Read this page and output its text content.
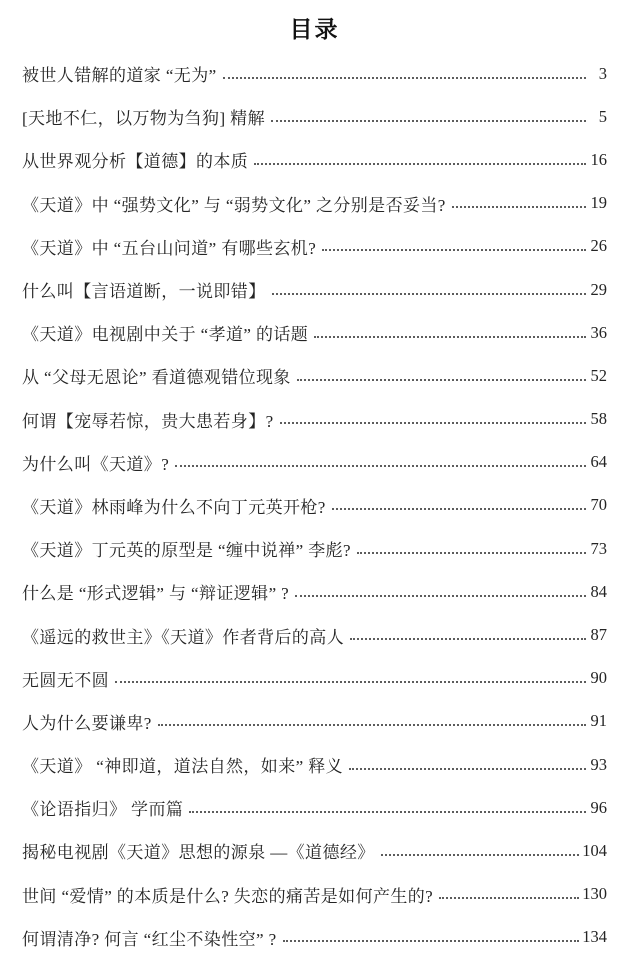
目录
被世人错解的道家 “无为”	3
[天地不仁，以万物为刍狗] 精解	5
从世界观分析【道德】的本质	16
《天道》中 “强势文化” 与 “弱势文化” 之分别是否妥当?	19
《天道》中 “五台山问道” 有哪些玄机?	26
什么叫【言语道断，一说即错】	29
《天道》电视剧中关于 “孝道” 的话题	36
从 “父母无恩论” 看道德观错位现象	52
何谓【宠辱若惊，贵大患若身】?	58
为什么叫《天道》?	64
《天道》林雨峰为什么不向丁元英开枪?	70
《天道》丁元英的原型是 “缠中说禅” 李彪?	73
什么是 “形式逻辑” 与 “辩证逻辑” ?	84
《遥远的救世主》《天道》作者背后的高人	87
无圆无不圆	90
人为什么要谦卑?	91
《天道》 “神即道，道法自然，如来” 释义	93
《论语指归》 学而篇	96
揭秘电视剧《天道》思想的源泉 —《道德经》	104
世间 “爱情” 的本质是什么? 失恋的痛苦是如何产生的?	130
何谓清净? 何言 “红尘不染性空” ?	134
